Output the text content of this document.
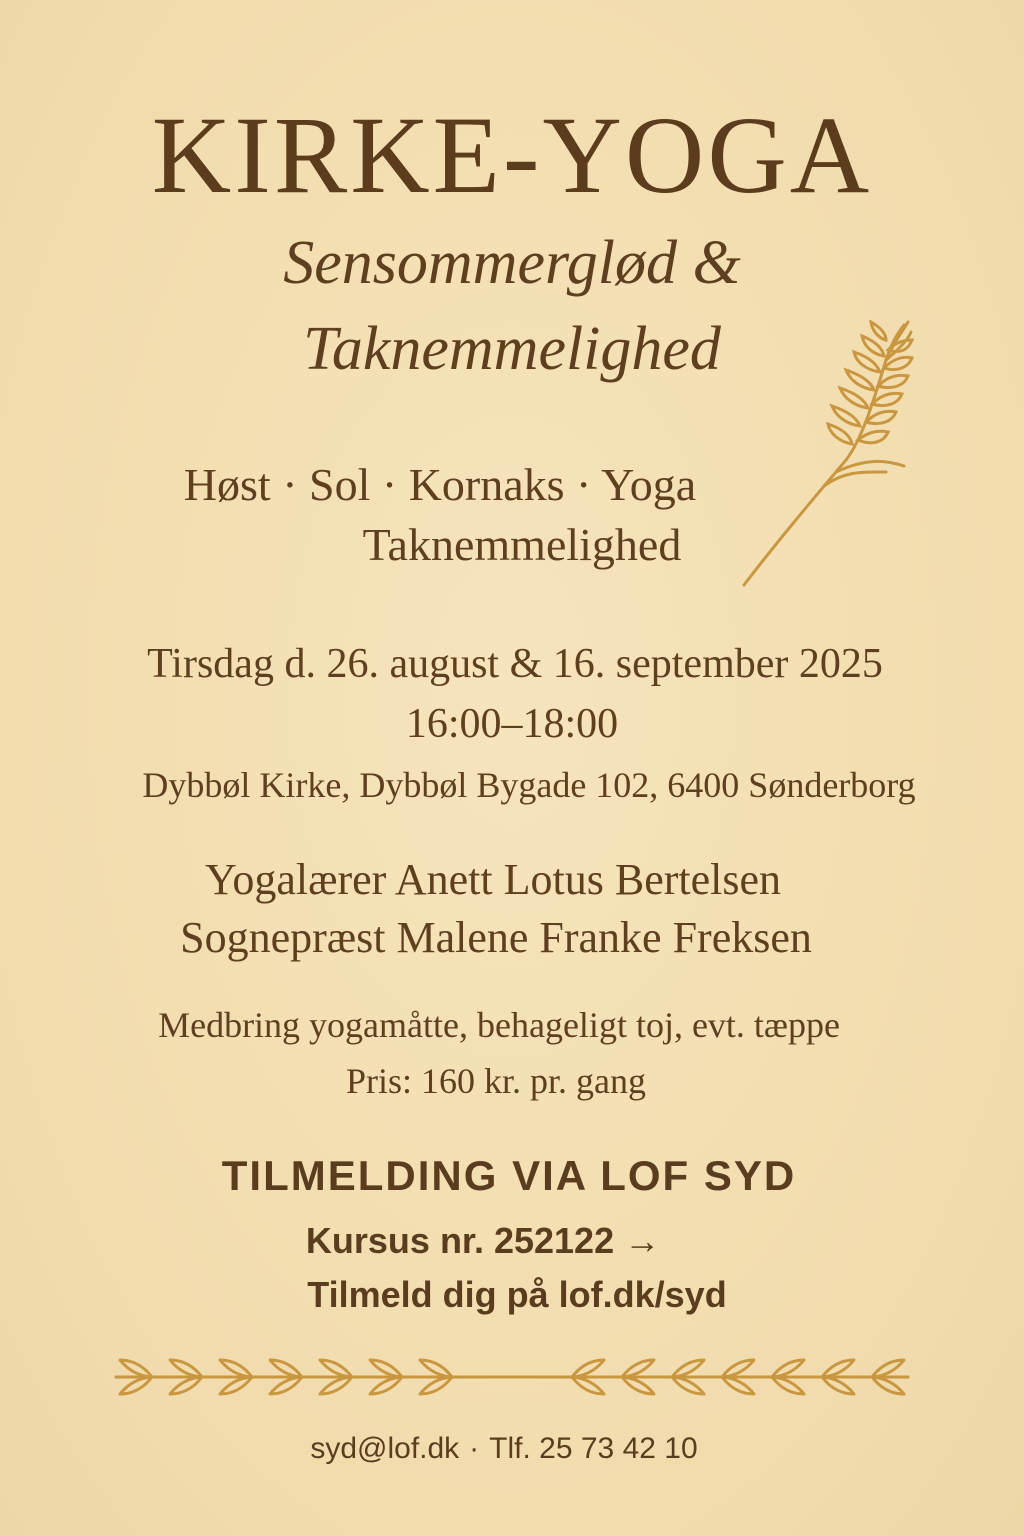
KIRKE-YOGA
Sensommerglød &
Taknemmelighed
Høst · Sol · Kornaks · Yoga
Taknemmelighed
Tirsdag d. 26. august & 16. september 2025
16:00–18:00
Dybbøl Kirke, Dybbøl Bygade 102, 6400 Sønderborg
Yogalærer Anett Lotus Bertelsen
Sognepræst Malene Franke Freksen
Medbring yogamåtte, behageligt toj, evt. tæppe
Pris: 160 kr. pr. gang
TILMELDING VIA LOF SYD
Kursus nr. 252122 →
Tilmeld dig på lof.dk/syd
syd@lof.dk · Tlf. 25 73 42 10
